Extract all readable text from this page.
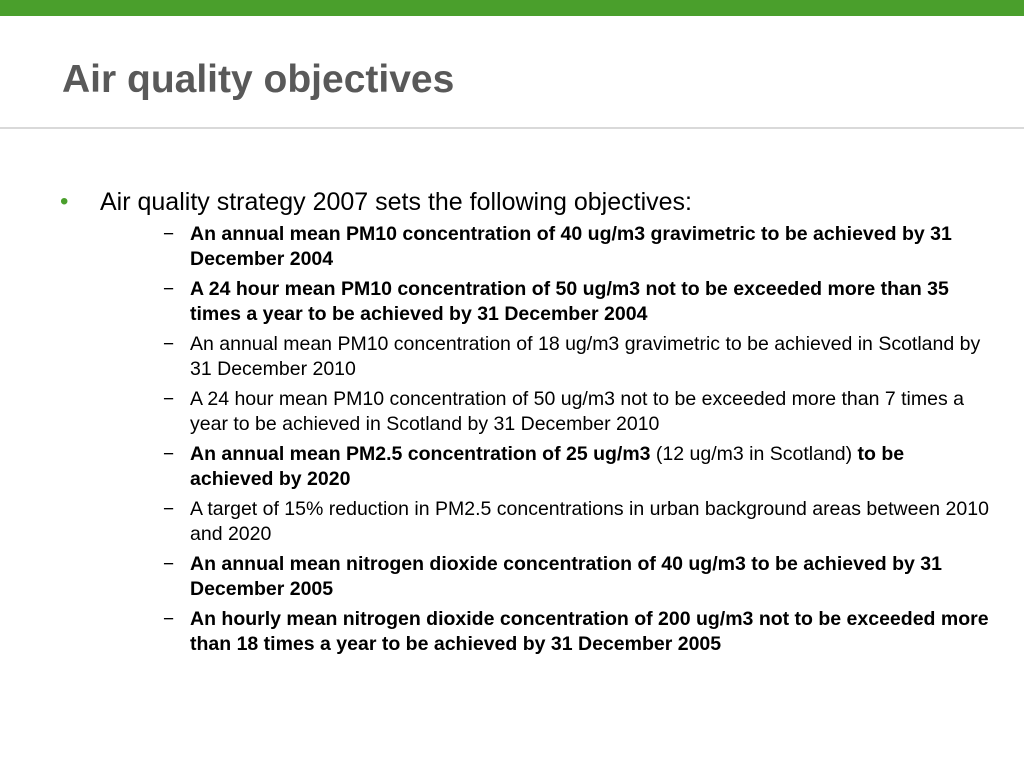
Air quality objectives
• Air quality strategy 2007 sets the following objectives:
− An annual mean PM10 concentration of 40 ug/m3 gravimetric to be achieved by 31 December 2004
− A 24 hour mean PM10 concentration of 50 ug/m3 not to be exceeded more than 35 times a year to be achieved by 31 December 2004
− An annual mean PM10 concentration of 18 ug/m3 gravimetric to be achieved in Scotland by 31 December 2010
− A 24 hour mean PM10 concentration of 50 ug/m3 not to be exceeded more than 7 times a year to be achieved in Scotland by 31 December 2010
− An annual mean PM2.5 concentration of 25 ug/m3 (12 ug/m3 in Scotland) to be achieved by 2020
− A target of 15% reduction in PM2.5 concentrations in urban background areas between 2010 and 2020
− An annual mean nitrogen dioxide concentration of 40 ug/m3 to be achieved by 31 December 2005
− An hourly mean nitrogen dioxide concentration of 200 ug/m3 not to be exceeded more than 18 times a year to be achieved by 31 December 2005
